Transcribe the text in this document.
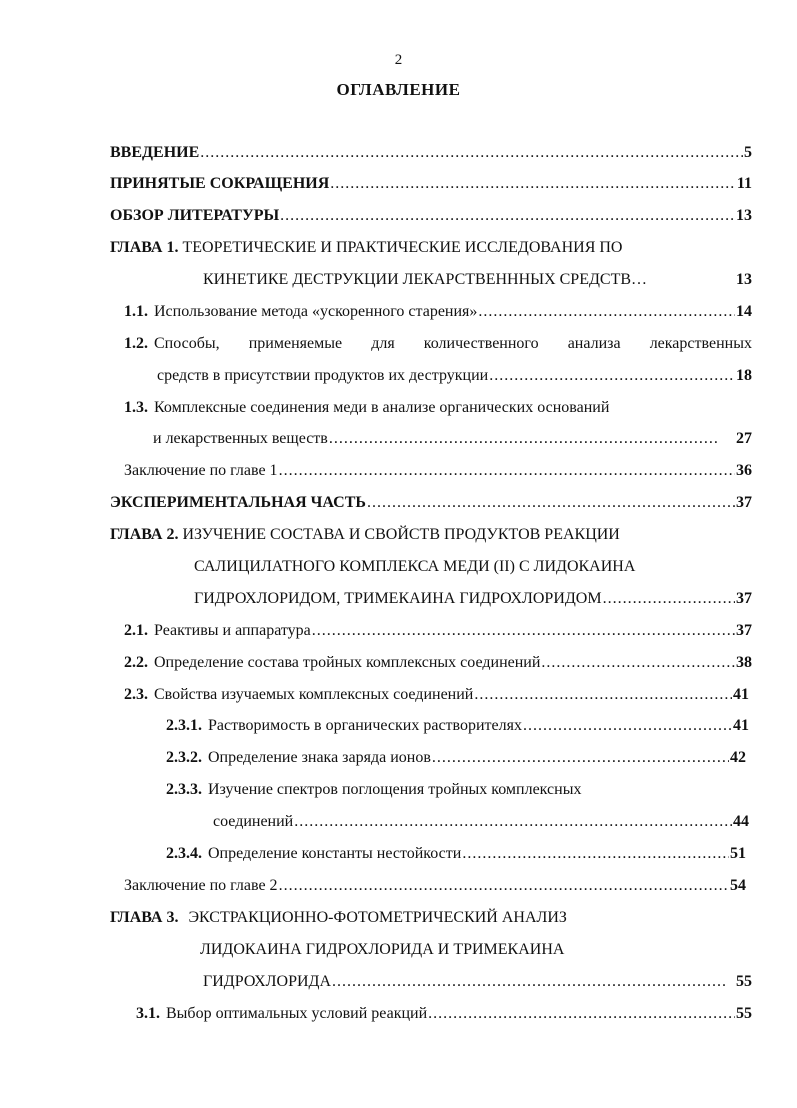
2
ОГЛАВЛЕНИЕ
ВВЕДЕНИЕ .....	5
ПРИНЯТЫЕ СОКРАЩЕНИЯ .....	11
ОБЗОР ЛИТЕРАТУРЫ .....	13
ГЛАВА 1. ТЕОРЕТИЧЕСКИЕ И ПРАКТИЧЕСКИЕ ИССЛЕДОВАНИЯ ПО
КИНЕТИКЕ ДЕСТРУКЦИИ ЛЕКАРСТВЕНННЫХ СРЕДСТВ…	13
1.1. Использование метода «ускоренного старения» .....	14
1.2. Способы, применяемые для количественного анализа лекарственных
средств в присутствии продуктов их деструкции .....	18
1.3. Комплексные соединения меди в анализе органических оснований
и лекарственных веществ .....	27
Заключение по главе 1 .....	36
ЭКСПЕРИМЕНТАЛЬНАЯ ЧАСТЬ .....	37
ГЛАВА 2. ИЗУЧЕНИЕ СОСТАВА И СВОЙСТВ ПРОДУКТОВ РЕАКЦИИ
САЛИЦИЛАТНОГО КОМПЛЕКСА МЕДИ (II) С ЛИДОКАИНА
ГИДРОХЛОРИДОМ, ТРИМЕКАИНА ГИДРОХЛОРИДОМ .....	37
2.1. Реактивы и аппаратура .....	37
2.2. Определение состава тройных комплексных соединений .....	38
2.3. Свойства изучаемых комплексных соединений .....	41
2.3.1. Растворимость в органических растворителях .....	41
2.3.2. Определение знака заряда ионов .....	42
2.3.3. Изучение спектров поглощения тройных комплексных
соединений .....	44
2.3.4. Определение константы нестойкости .....	51
Заключение по главе 2 .....	54
ГЛАВА 3. ЭКСТРАКЦИОННО-ФОТОМЕТРИЧЕСКИЙ АНАЛИЗ
ЛИДОКАИНА ГИДРОХЛОРИДА И ТРИМЕКАИНА
ГИДРОХЛОРИДА .....	55
3.1. Выбор оптимальных условий реакций .....	55
